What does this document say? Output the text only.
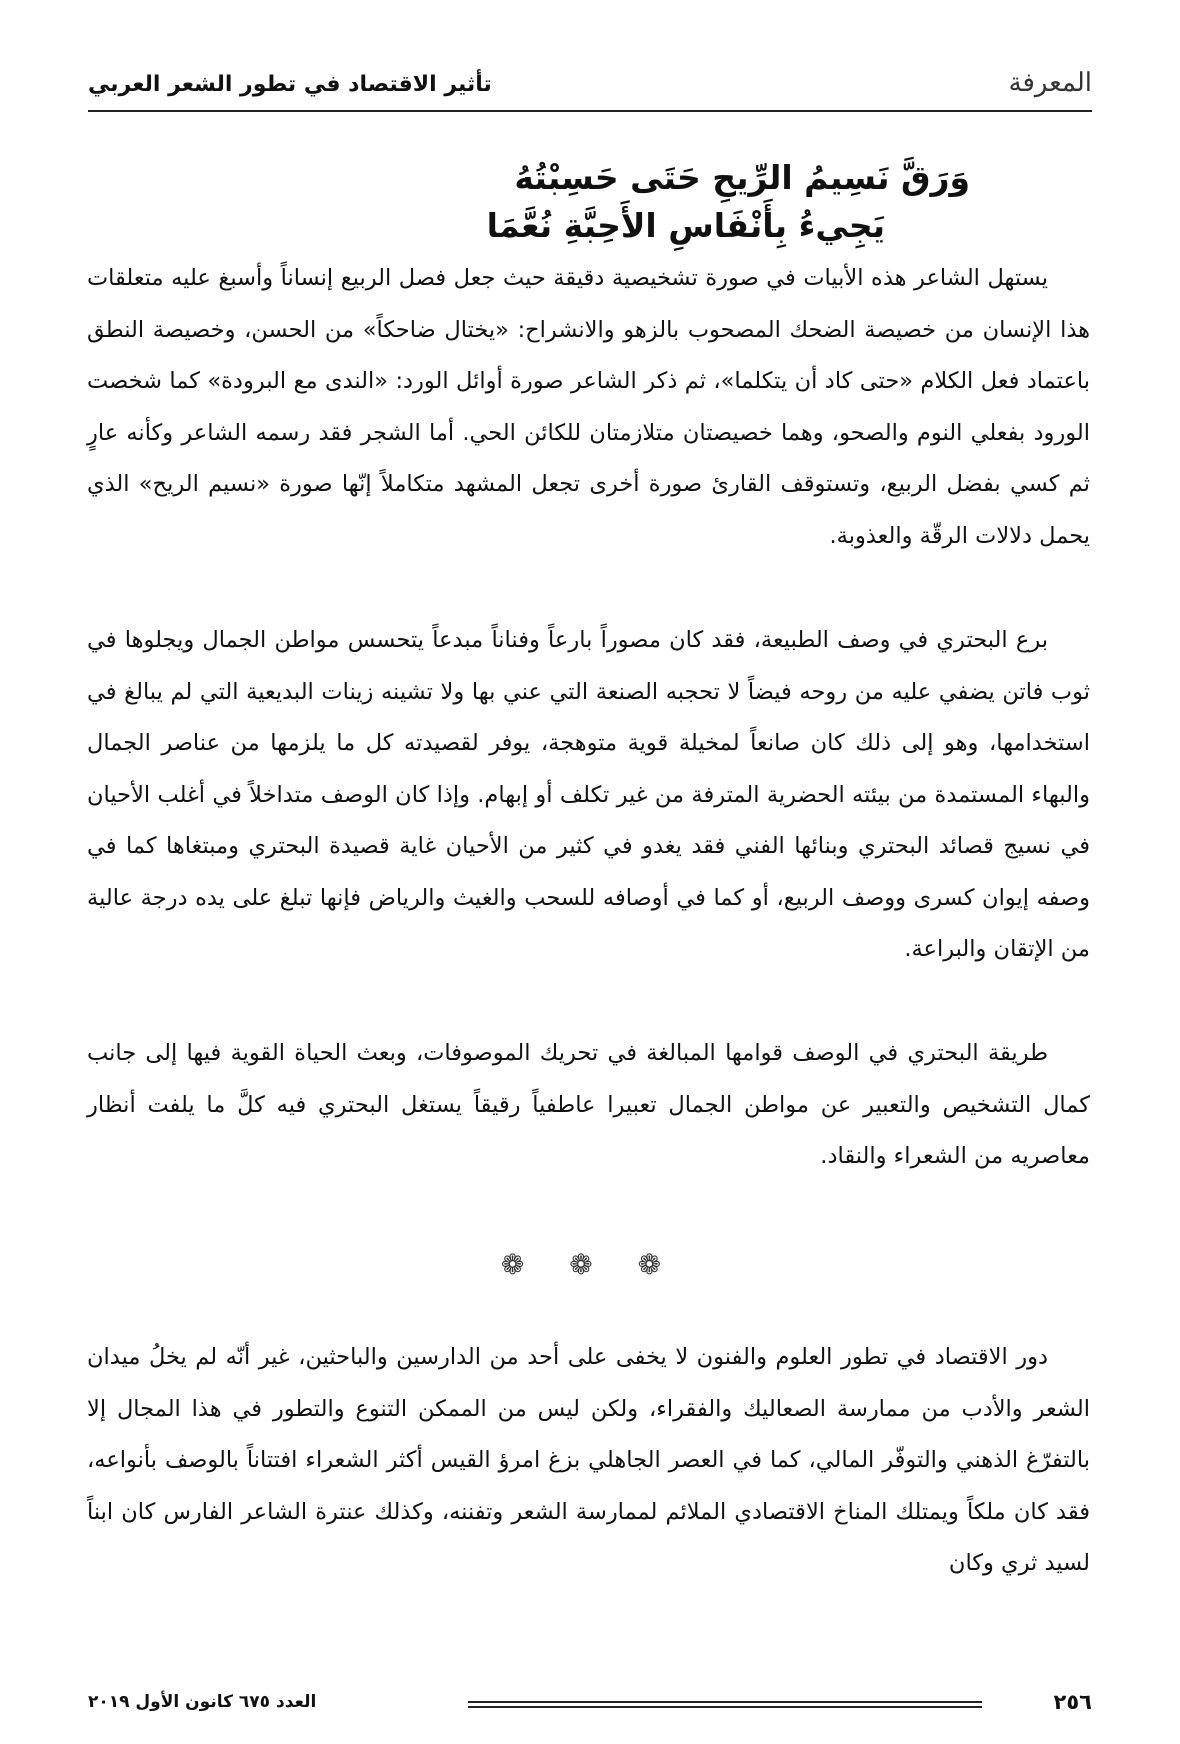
المعرفة
تأثير الاقتصاد في تطور الشعر العربي
وَرَقَّ نَسِيمُ الرِّيحِ حَتَى حَسِبْتُهُ
يَجِيءُ بِأَنْفَاسِ الأَحِبَّةِ نُعَّمَا

يستهل الشاعر هذه الأبيات في صورة تشخيصية دقيقة حيث جعل فصل الربيع إنساناً وأسبغ عليه متعلقات هذا الإنسان من خصيصة الضحك المصحوب بالزهو والانشراح: «يختال ضاحكاً» من الحسن، وخصيصة النطق باعتماد فعل الكلام «حتى كاد أن يتكلما»، ثم ذكر الشاعر صورة أوائل الورد: «الندى مع البرودة» كما شخصت الورود بفعلي النوم والصحو، وهما خصيصتان متلازمتان للكائن الحي. أما الشجر فقد رسمه الشاعر وكأنه عارٍ ثم كسي بفضل الربيع، وتستوقف القارئ صورة أخرى تجعل المشهد متكاملاً إنّها صورة «نسيم الريح» الذي يحمل دلالات الرقّة والعذوبة.

برع البحتري في وصف الطبيعة، فقد كان مصوراً بارعاً وفناناً مبدعاً يتحسس مواطن الجمال ويجلوها في ثوب فاتن يضفي عليه من روحه فيضاً لا تحجبه الصنعة التي عني بها ولا تشينه زينات البديعية التي لم يبالغ في استخدامها، وهو إلى ذلك كان صانعاً لمخيلة قوية متوهجة، يوفر لقصيدته كل ما يلزمها من عناصر الجمال والبهاء المستمدة من بيئته الحضرية المترفة من غير تكلف أو إبهام. وإذا كان الوصف متداخلاً في أغلب الأحيان في نسيج قصائد البحتري وبنائها الفني فقد يغدو في كثير من الأحيان غاية قصيدة البحتري ومبتغاها كما في وصفه إيوان كسرى ووصف الربيع، أو كما في أوصافه للسحب والغيث والرياض فإنها تبلغ على يده درجة عالية من الإتقان والبراعة.

طريقة البحتري في الوصف قوامها المبالغة في تحريك الموصوفات، وبعث الحياة القوية فيها إلى جانب كمال التشخيص والتعبير عن مواطن الجمال تعبيرا عاطفياً رقيقاً يستغل البحتري فيه كلَّ ما يلفت أنظار معاصريه من الشعراء والنقاد.

❁ ❁ ❁

دور الاقتصاد في تطور العلوم والفنون لا يخفى على أحد من الدارسين والباحثين، غير أنّه لم يخلُ ميدان الشعر والأدب من ممارسة الصعاليك والفقراء، ولكن ليس من الممكن التنوع والتطور في هذا المجال إلا بالتفرّغ الذهني والتوفّر المالي، كما في العصر الجاهلي بزغ امرؤ القيس أكثر الشعراء افتتاناً بالوصف بأنواعه، فقد كان ملكاً ويمتلك المناخ الاقتصادي الملائم لممارسة الشعر وتفننه، وكذلك عنترة الشاعر الفارس كان ابناً لسيد ثري وكان

٢٥٦
العدد ٦٧٥ كانون الأول ٢٠١٩
